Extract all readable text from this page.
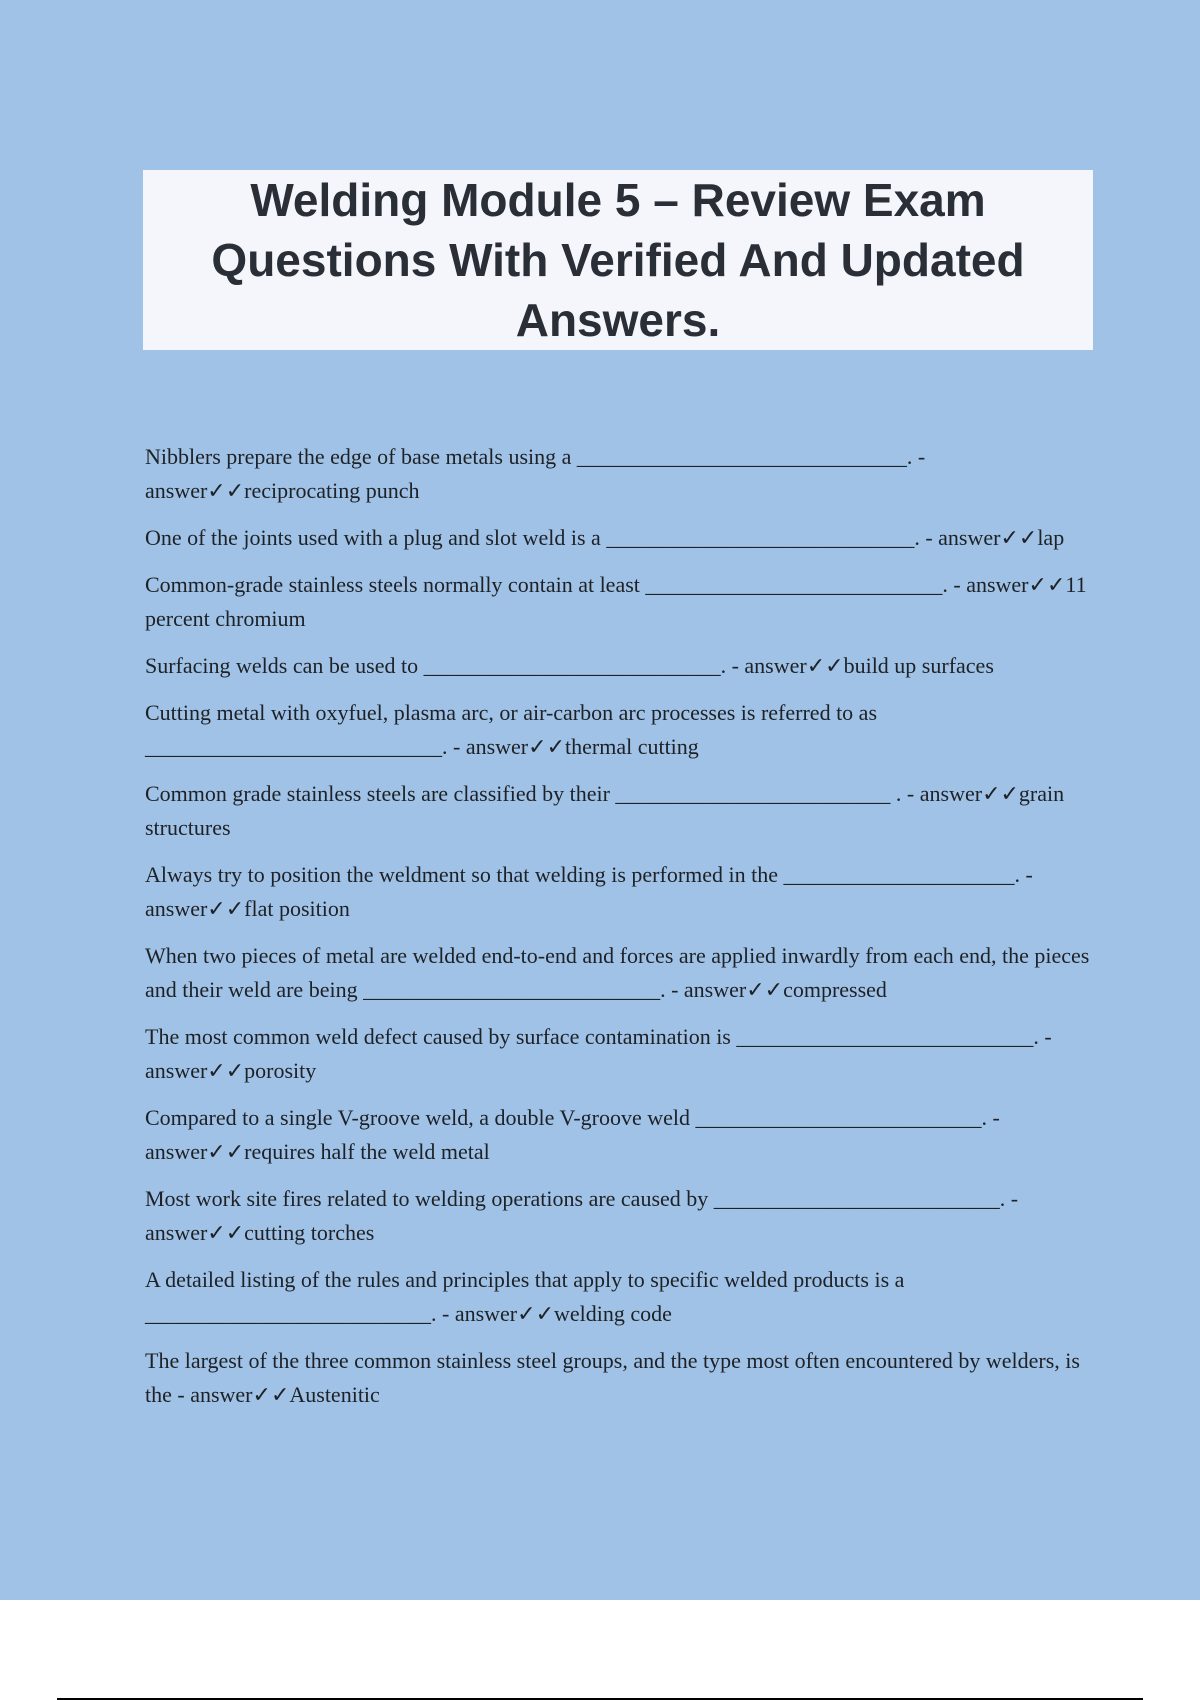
Welding Module 5 – Review Exam Questions With Verified And Updated Answers.

Nibblers prepare the edge of base metals using a ______________________________. - answer✓✓reciprocating punch

One of the joints used with a plug and slot weld is a ____________________________. - answer✓✓lap

Common-grade stainless steels normally contain at least ___________________________. - answer✓✓11 percent chromium

Surfacing welds can be used to ___________________________. - answer✓✓build up surfaces

Cutting metal with oxyfuel, plasma arc, or air-carbon arc processes is referred to as ___________________________. - answer✓✓thermal cutting

Common grade stainless steels are classified by their _________________________ . - answer✓✓grain structures

Always try to position the weldment so that welding is performed in the _____________________. - answer✓✓flat position

When two pieces of metal are welded end-to-end and forces are applied inwardly from each end, the pieces and their weld are being ___________________________. - answer✓✓compressed

The most common weld defect caused by surface contamination is ___________________________. - answer✓✓porosity

Compared to a single V-groove weld, a double V-groove weld __________________________. - answer✓✓requires half the weld metal

Most work site fires related to welding operations are caused by __________________________. - answer✓✓cutting torches

A detailed listing of the rules and principles that apply to specific welded products is a __________________________. - answer✓✓welding code

The largest of the three common stainless steel groups, and the type most often encountered by welders, is the - answer✓✓Austenitic
